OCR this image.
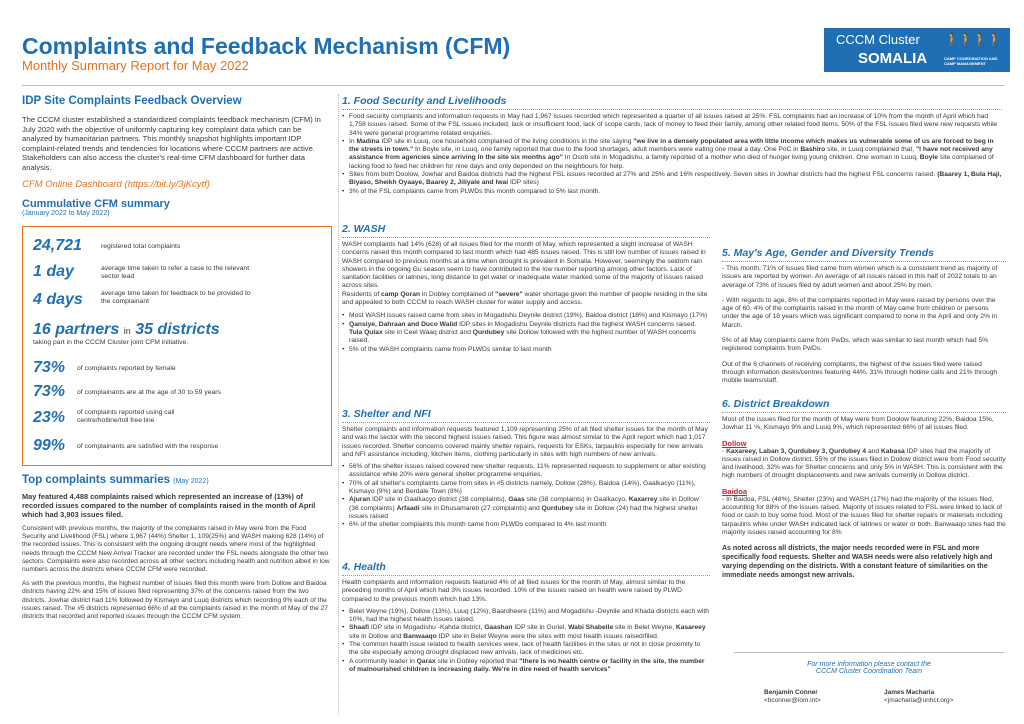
Complaints and Feedback Mechanism (CFM)
Monthly Summary Report for May 2022
CCCM Cluster
SOMALIA
🚶🚶🚶🚶
CAMP COORDINATION AND CAMP MANAGEMENT
IDP Site Complaints Feedback Overview

The CCCM cluster established a standardized complaints feedback mechanism (CFM) in July 2020 with the objective of uniformly capturing key complaint data which can be analyzed by humanitarian partners. This monthly snapshot highlights important IDP complaint-related trends and tendencies for locations where CCCM partners are active. Stakeholders can also access the cluster's real-time CFM dashboard for further data analysis.

CFM Online Dashboard (https://bit.ly/3jKcytf)

Cummulative CFM summary

(January 2022 to May 2022)

24,721	registered total complaints
1 day	average time taken to refer a case to the relevant sector lead
4 days	average time taken for feedback to be provided to the complainant
16 partners in 35 districts
taking part in the CCCM Cluster joint CFM initiative.
73% of complaints reported by female
73% of complainants are at the age of 30 to 59 years
23% of complaints reported using call centre/hotline/toll free line
99% of complainants are satisfied with the response
Top complaints summaries (May 2022)

May featured 4,488 complaints raised which represented an increase of (13%) of recorded issues compared to the number of complaints raised in the month of April which had 3,903 issues filed.

Consistent with previous months, the majority of the complaints raised in May were from the Food Security and Livelihood (FSL) where 1,967 (44%) Shelter 1, 109(25%) and WASH making 628 (14%) of the recorded issues. This is consistent with the ongoing drought needs where most of the highlighted needs through the CCCM New Arrival Tracker are recorded under the FSL needs alongside the other two sectors. Complaints were also recorded across all other sectors including health and nutrition albeit in low numbers across the districts where CCCM CFM were recorded.

As with the previous months, the highest number of issues filed this month were from Dollow and Baidoa districts having 22% and 15% of issues filed representing 37% of the concerns raised from the two districts. Jowhar district had 11% followed by Kismayo and Luuq districts which recording 9% each of the issues raised. The #5 districts represented 66% of all the complaints raised in the month of May of the 27 districts that recorded and reported issues through the CCCM CFM system.

1. Food Security and Livelihoods
• Food security complaints and information requests in May had 1,967 issues recorded which represented a quarter of all issues raised at 25%. FSL complaints had an increase of 10% from the month of April which had 1,758 issues raised. Some of the FSL issues included, lack or insufficient food, lack of scope cards, lack of money to feed their family, among other related food items. 50% of the FSL issues filed were new requests while 34% were general programme related enquiries.
• In Madina IDP site in Luuq, one household complained of the living conditions in the site saying "we live in a densely populated area with little income which makes us vulnerable some of us are forced to beg in the streets in town." In Boyle site, in Luuq, one family reported that due to the food shortages, adult members were eating one meal a day. One PoC in Bashiro site, in Luuq complained that, "I have not received any assistance from agencies since arriving in the site six months ago" In Osob site in Mogadishu, a family reported of a mother who died of hunger living young children. One woman in Luuq, Boyle site complained of lacking food to feed her children for nine days and only depended on the neighbours for help.
• Sites from both Doolow, Jowhar and Baidoa districts had the highest FSL issues recorded at 27% and 25% and 16% respectively. Seven sites in Jowhar districts had the highest FSL concerns raised. (Baarey 1, Bula Haji, Biyaso, Sheikh Oyaaye, Baarey 2, Jiliyale and Iwai IDP sites)
• 3% of the FSL complaints came from PLWDs this month compared to 5% last month.
2. WASH

WASH complaints had 14% (628) of all issues filed for the month of May, which represented a slight increase of WASH concerns raised this month compared to last month which had 485 issues raised. This is still low number of issues raised in WASH compared to previous months at a time when drought is prevalent in Somalia. However, seemingly the seldom rain showers in the ongoing Gu season seem to have contributed to the low number reporting among other factors. Lack of sanitation facilities or latrines, long distance to get water or inadequate water marked some of the majority of issues raised across sites.

Residents of camp Qoran in Dobley complained of "severe" water shortage given the number of people residing in the site and appealed to both CCCM to reach WASH cluster for water supply and access.

• Most WASH issues raised came from sites in Mogadishu Deynile district (19%), Baidoa district (18%) and Kismayo (17%)
• Qansiye, Dahraan and Duco Walid IDP sites in Mogadishu Deynile districts had the highest WASH concerns raised. Tula Qulax site in Ceel Waaq district and Qurdubey site Dollow followed with the highest number of WASH concerns raised.
• 5% of the WASH complaints came from PLWDs similar to last month
3. Shelter and NFI

Shelter complaints and information requests featured 1,109 representing 25% of all filed shelter issues for the month of May and was the sector with the second highest issues raised. This figure was almost similar to the April report which had 1,017 issues recorded. Shelter concerns covered mainly shelter repairs, requests for ESKs, tarpaulins especially for new arrivals and NFI assistance including, kitchen items, clothing particularly in sites with high numbers of new arrivals.

• 56% of the shelter issues raised covered new shelter requests, 11% represented requests to supplement or alter existing assistance while 20% were general shelter programme enquiries.
• 70% of all shelter's complaints came from sites in #5 districts namely, Dollow (28%), Baidoa (14%), Gaalkacyo (11%), Kismayo (9%) and Berdale Town (8%)
• Ajuran IDP site in Gaalkacyo district (38 complaints), Gaas site (38 complaints) in Gaalkacyo, Kaxarrey site in Dollow (36 complaints) Arfaadi site in Dhusamareb (27 complaints) and Qurdubey site in Dollow (24) had the highest shelter issues raised
• 6% of the shelter complaints this month came from PLWDs compared to 4% last month
4. Health

Health complaints and information requests featured 4% of all filed issues for the month of May, almost similar to the preceding months of April which had 3% issues recorded. 10% of the issues raised on health were raised by PLWD compared to the previous month which had 13%.

• Belet Weyne (19%), Dollow (13%), Luuq (12%), Baardheere (11%) and Mogadishu -Deynile and Khada districts each with 10%, had the highest health issues raised.
• Shaafi IDP site in Mogadishu -Kahda district, Gaashan IDP site in Guriel, Wabi Shabelle site in Belet Weyne, Kasareey site in Dollow and Banwaaqo IDP site in Belet Weyne were the sites with most health issues raised/filed.
• The common health issue related to health services were, lack of health facilities in the sites or not in close proximity to the site especially among drought displaced new arrivals, lack of medicines etc.
• A community leader in Qarax site in Dobley reported that "there is no health centre or facility in the site, the number of malnourished children is increasing daily. We're in dire need of health services"
5. May's Age, Gender and Diversity Trends

- This month, 71% of issues filed came from women which is a consistent trend as majority of issues are reported by women. An average of all issues raised in this half of 2022 totals to an average of 73% of issues filed by adult women and about 25% by men.

- With regards to age, 8% of the complaints reported in May were raised by persons over the age of 60. 4% of the complaints raised in the month of May came from children or persons under the age of 18 years which was significant compared to none in the April and only 2% in March.

5% of all May complaints came from PwDs, which was similar to last month which had 5% registered complaints from PwDs.

Out of the 6 channels of receiving complaints, the highest of the issues filed were raised through information desks/centres featuring 44%, 31% through hotline calls and 21% through mobile teams/staff.

6. District Breakdown

Most of the issues filed for the month of May were from Doolow featuring 22%, Baidoa 15%, Jowhar 11 %, Kismayo 9% and Luuq 9%, which represented 66% of all issues filed.

Dollow

- Kaxareey, Laban 3, Qurdubey 3, Qurdubey 4 and Kabasa IDP sites had the majority of issues raised in Dollow district. 55% of the issues filed in Dollow district were from Food security and livelihood, 32% was for Shelter concerns and only 5% in WASH. This is consistent with the high numbers of drought displacements and new arrivals currently in Dollow district.

Baidoa

- In Baidoa, FSL (48%), Shelter (23%) and WASH (17%) had the majority of the issues filed, accounting for 88% of the issues raised. Majority of issues related to FSL were linked to lack of food or cash to buy some food. Most of the issues filed for shelter repairs or materials including tarpaulins while under WASH indicated lack of latrines or water or both. Banwaaqo sites had the majority issues raised accounting for 8%

As noted across all districts, the major needs recorded were in FSL and more specifically food requests. Shelter and WASH needs were also relatively high and varying depending on the districts. With a constant feature of similarities on the immediate needs amongst new arrivals.

For more information please contact the

CCCM Cluster Coordination Team

Benjamin Conner
<bconner@iom.int>
James Macharia
<jmacharia@unhcr.org>
